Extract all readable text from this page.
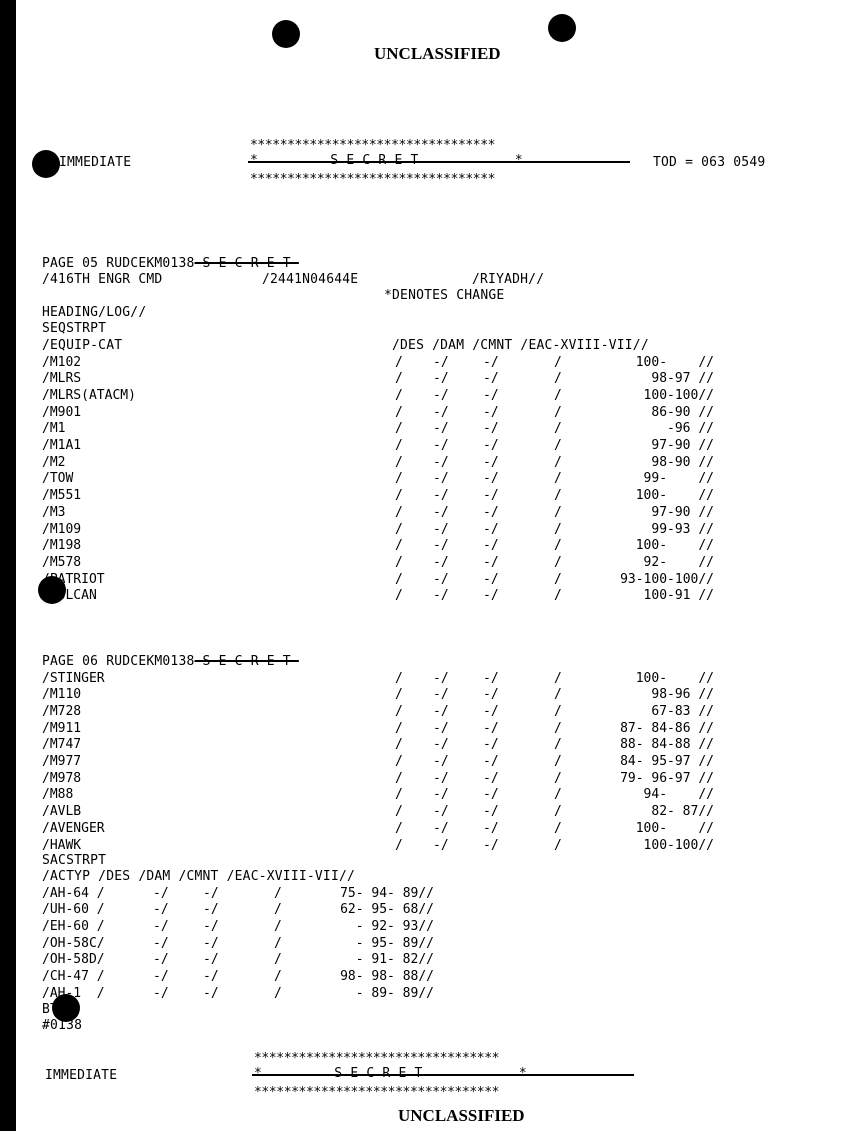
UNCLASSIFIED
IMMEDIATE
*********************************
*********************************
TOD = 063 0549
PAGE 05 RUDCEKM0138 S E C R E T
/416TH ENGR CMD	/2441N04644E	/RIYADH//
*DENOTES CHANGE
HEADING/LOG//
SEQSTRPT
/EQUIP-CAT	/DES /DAM /CMNT /EAC-XVIII-VII//
/M102	/ -/	-/	/	100-    //
/MLRS	/ -/	-/	/	98-97 //
/MLRS(ATACM)	/ -/	-/	/	100-100//
/M901	/ -/	-/	/	86-90 //
/M1	/ -/	-/	/	-96 //
/M1A1	/ -/	-/	/	97-90 //
/M2	/ -/	-/	/	98-90 //
/TOW	/ -/	-/	/	99-    //
/M551	/ -/	-/	/	100-    //
/M3	/ -/	-/	/	97-90 //
/M109	/ -/	-/	/	99-93 //
/M198	/ -/	-/	/	100-    //
/M578	/ -/	-/	/	92-    //
/PATRIOT	/ -/	-/	/	93-100-100//
/VULCAN	/ -/	-/	/	100-91 //
PAGE 06 RUDCEKM0138 S E C R E T
/STINGER	/ -/	-/	/	100-    //
/M110	/ -/	-/	/	98-96 //
/M728	/ -/	-/	/	67-83 //
/M911	/ -/	-/	/	87- 84-86 //
/M747	/ -/	-/	/	88- 84-88 //
/M977	/ -/	-/	/	84- 95-97 //
/M978	/ -/	-/	/	79- 96-97 //
/M88	/ -/	-/	/	94-    //
/AVLB	/ -/	-/	/	82- 87//
/AVENGER	/ -/	-/	/	100-    //
/HAWK	/ -/	-/	/	100-100//
SACSTRPT
/ACTYP /DES /DAM /CMNT /EAC-XVIII-VII//
/AH-64 /	-/	-/	/	75- 94- 89//
/UH-60 /	-/	-/	/	62- 95- 68//
/EH-60 /	-/	-/	/	- 92- 93//
/OH-58C/	-/	-/	/	- 95- 89//
/OH-58D/	-/	-/	/	- 91- 82//
/CH-47 /	-/	-/	/	98- 98- 88//
/AH-1  /	-/	-/	/	- 89- 89//
BT
#0138
IMMEDIATE
*********************************
*********************************
UNCLASSIFIED
